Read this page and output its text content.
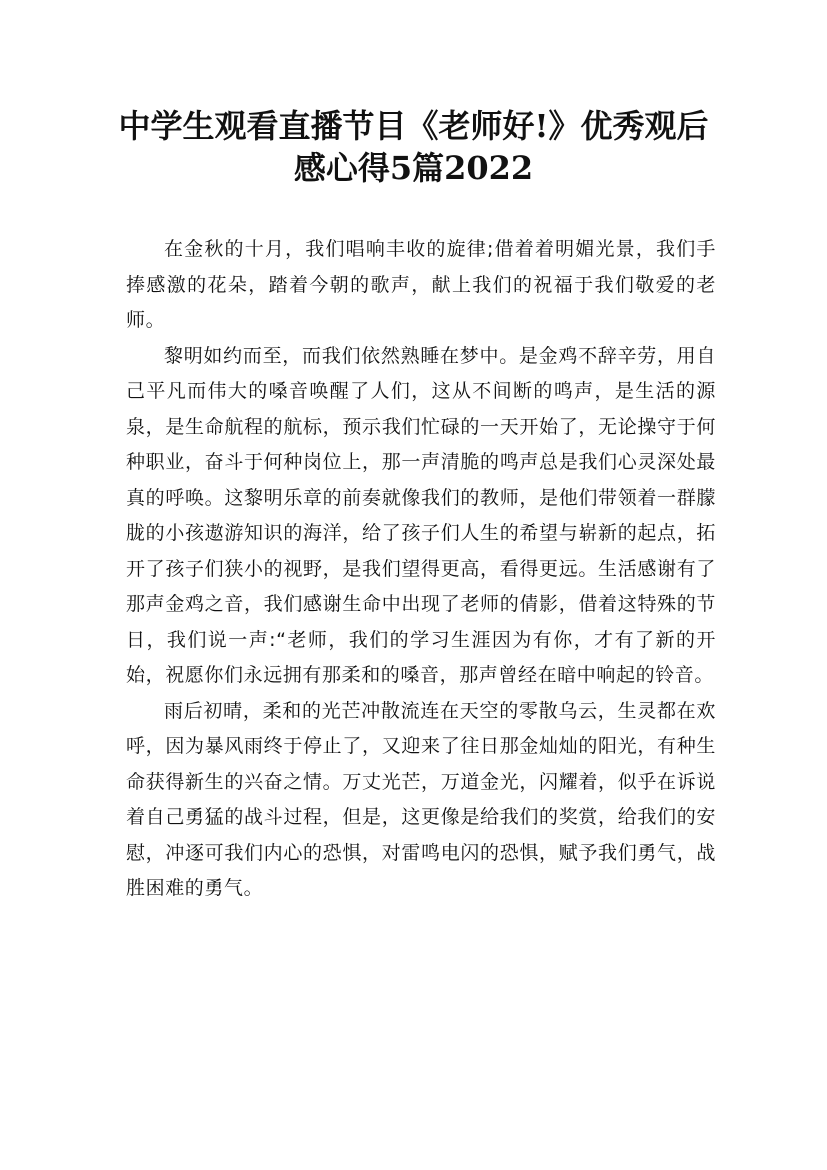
中学生观看直播节目《老师好!》优秀观后
感心得5篇2022

在金秋的十月，我们唱响丰收的旋律;借着着明媚光景，我们手捧感激的花朵，踏着今朝的歌声，献上我们的祝福于我们敬爱的老师。

黎明如约而至，而我们依然熟睡在梦中。是金鸡不辞辛劳，用自己平凡而伟大的嗓音唤醒了人们，这从不间断的鸣声，是生活的源泉，是生命航程的航标，预示我们忙碌的一天开始了，无论操守于何种职业，奋斗于何种岗位上，那一声清脆的鸣声总是我们心灵深处最真的呼唤。这黎明乐章的前奏就像我们的教师，是他们带领着一群朦胧的小孩遨游知识的海洋，给了孩子们人生的希望与崭新的起点，拓开了孩子们狭小的视野，是我们望得更高，看得更远。生活感谢有了那声金鸡之音，我们感谢生命中出现了老师的倩影，借着这特殊的节日，我们说一声:“老师，我们的学习生涯因为有你，才有了新的开始，祝愿你们永远拥有那柔和的嗓音，那声曾经在暗中响起的铃音。

雨后初晴，柔和的光芒冲散流连在天空的零散乌云，生灵都在欢呼，因为暴风雨终于停止了，又迎来了往日那金灿灿的阳光，有种生命获得新生的兴奋之情。万丈光芒，万道金光，闪耀着，似乎在诉说着自己勇猛的战斗过程，但是，这更像是给我们的奖赏，给我们的安慰，冲逐可我们内心的恐惧，对雷鸣电闪的恐惧，赋予我们勇气，战胜困难的勇气。
